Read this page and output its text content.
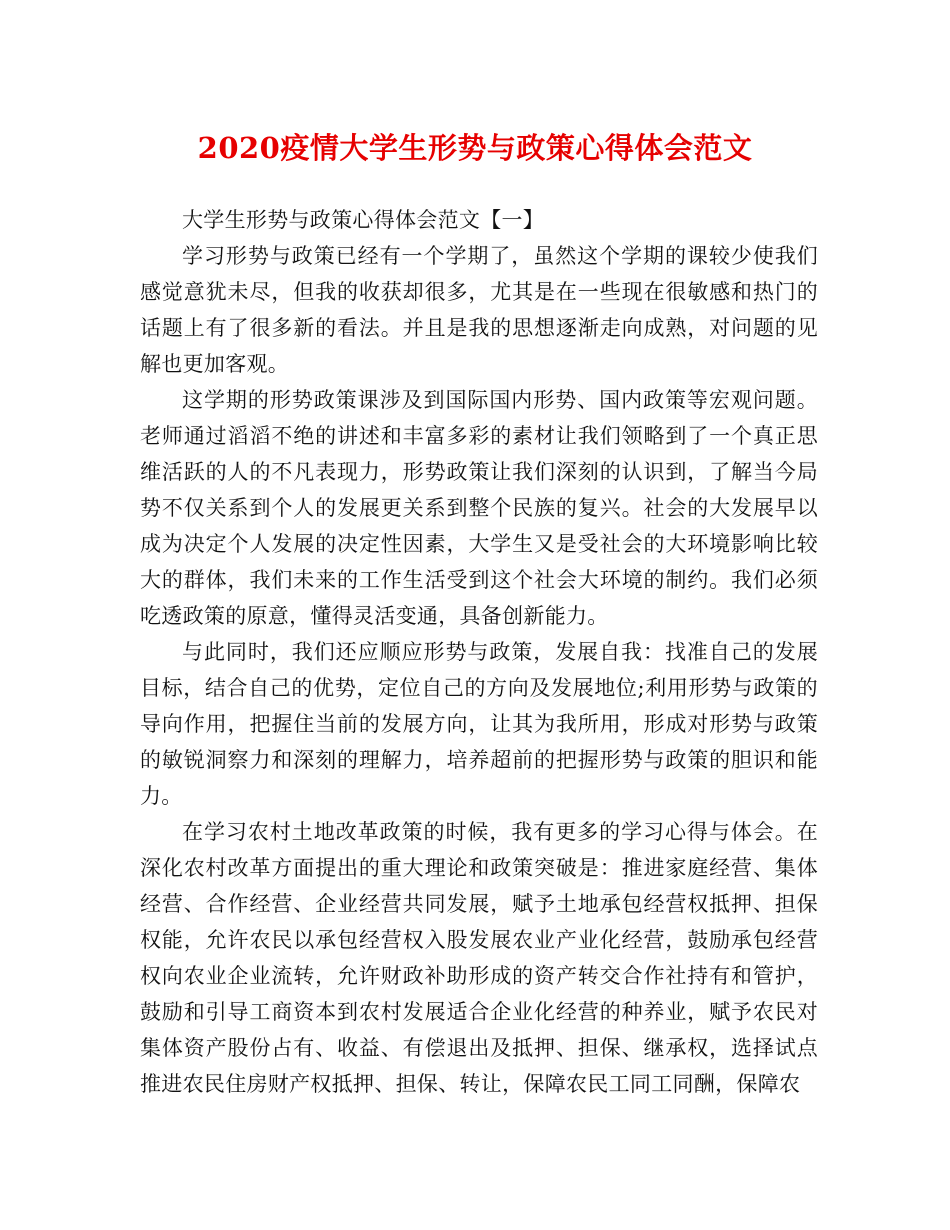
2020疫情大学生形势与政策心得体会范文

大学生形势与政策心得体会范文【一】

学习形势与政策已经有一个学期了，虽然这个学期的课较少使我们感觉意犹未尽，但我的收获却很多，尤其是在一些现在很敏感和热门的话题上有了很多新的看法。并且是我的思想逐渐走向成熟，对问题的见解也更加客观。

这学期的形势政策课涉及到国际国内形势、国内政策等宏观问题。老师通过滔滔不绝的讲述和丰富多彩的素材让我们领略到了一个真正思维活跃的人的不凡表现力，形势政策让我们深刻的认识到，了解当今局势不仅关系到个人的发展更关系到整个民族的复兴。社会的大发展早以成为决定个人发展的决定性因素，大学生又是受社会的大环境影响比较大的群体，我们未来的工作生活受到这个社会大环境的制约。我们必须吃透政策的原意，懂得灵活变通，具备创新能力。

与此同时，我们还应顺应形势与政策，发展自我：找准自己的发展目标，结合自己的优势，定位自己的方向及发展地位;利用形势与政策的导向作用，把握住当前的发展方向，让其为我所用，形成对形势与政策的敏锐洞察力和深刻的理解力，培养超前的把握形势与政策的胆识和能力。

在学习农村土地改革政策的时候，我有更多的学习心得与体会。在深化农村改革方面提出的重大理论和政策突破是：推进家庭经营、集体经营、合作经营、企业经营共同发展，赋予土地承包经营权抵押、担保权能，允许农民以承包经营权入股发展农业产业化经营，鼓励承包经营权向农业企业流转，允许财政补助形成的资产转交合作社持有和管护，鼓励和引导工商资本到农村发展适合企业化经营的种养业，赋予农民对集体资产股份占有、收益、有偿退出及抵押、担保、继承权，选择试点推进农民住房财产权抵押、担保、转让，保障农民工同工同酬，保障农
